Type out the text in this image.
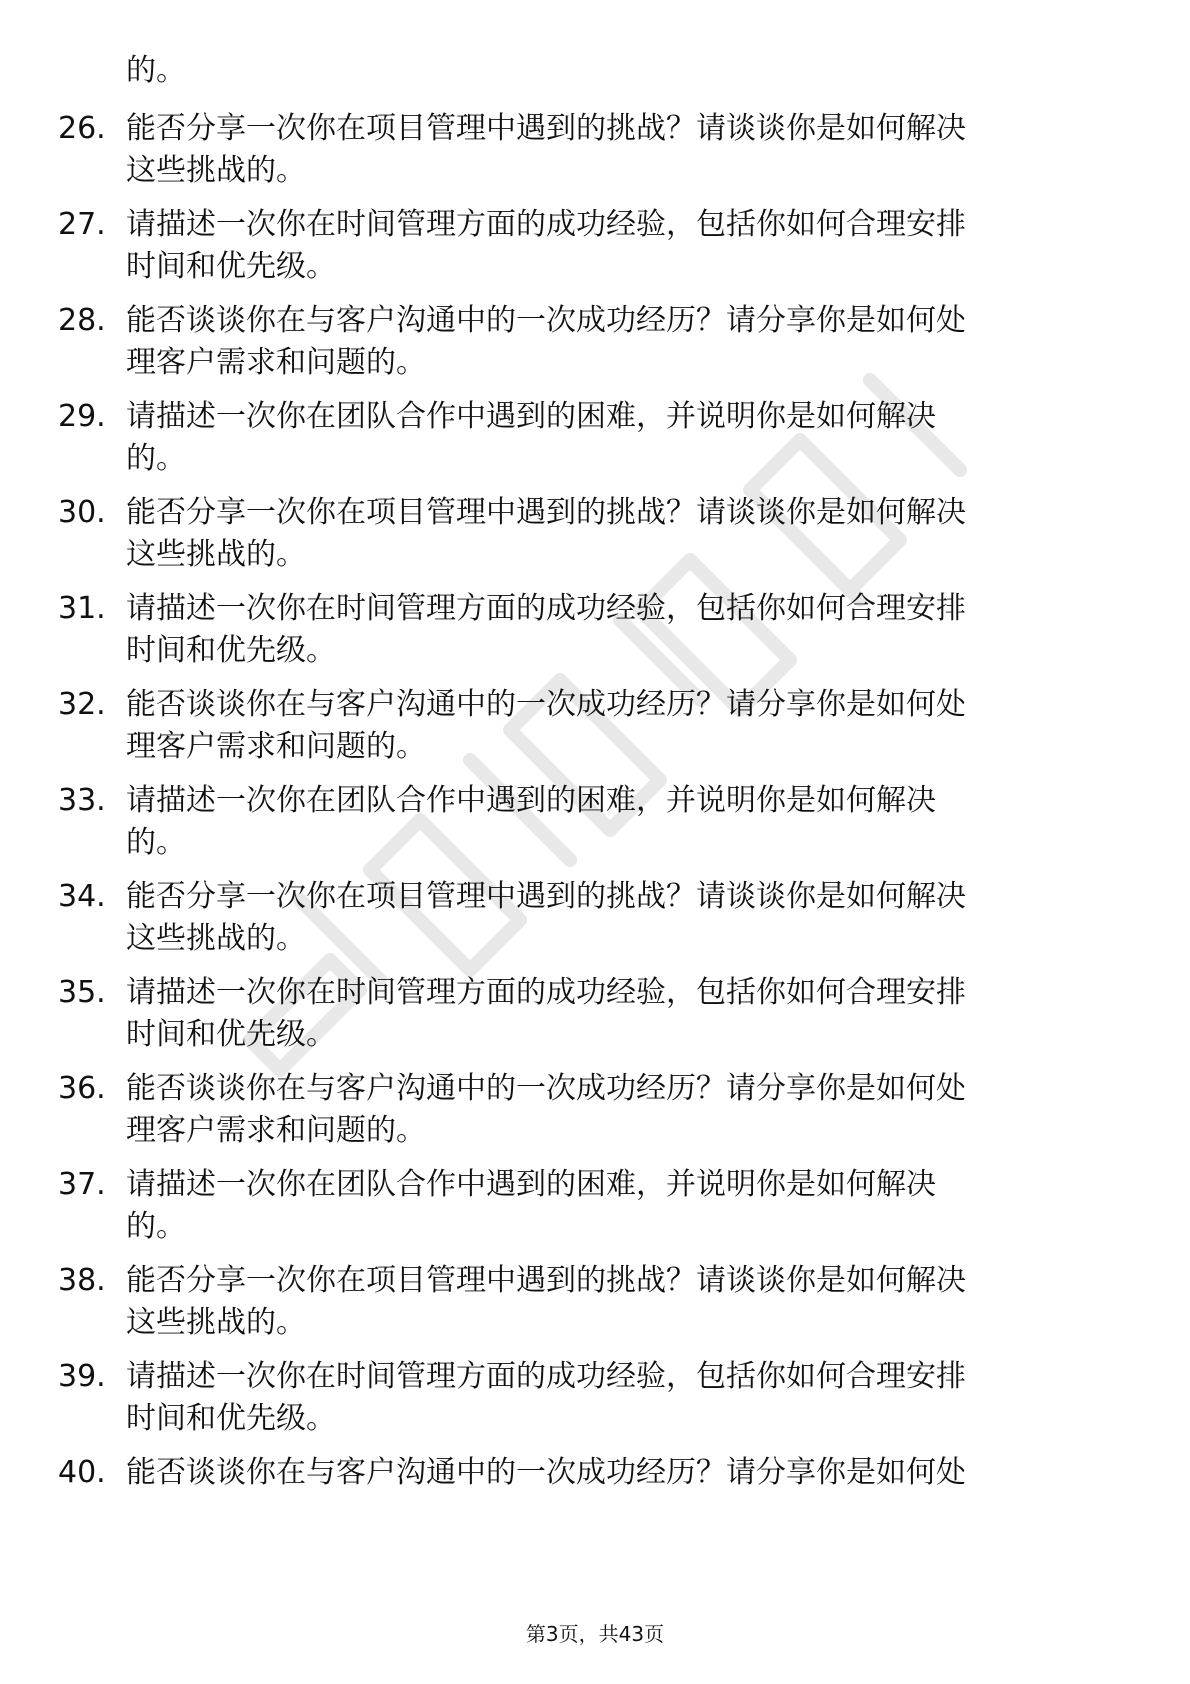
的。
26. 能否分享一次你在项目管理中遇到的挑战？请谈谈你是如何解决
这些挑战的。
27. 请描述一次你在时间管理方面的成功经验，包括你如何合理安排
时间和优先级。
28. 能否谈谈你在与客户沟通中的一次成功经历？请分享你是如何处
理客户需求和问题的。
29. 请描述一次你在团队合作中遇到的困难，并说明你是如何解决
的。
30. 能否分享一次你在项目管理中遇到的挑战？请谈谈你是如何解决
这些挑战的。
31. 请描述一次你在时间管理方面的成功经验，包括你如何合理安排
时间和优先级。
32. 能否谈谈你在与客户沟通中的一次成功经历？请分享你是如何处
理客户需求和问题的。
33. 请描述一次你在团队合作中遇到的困难，并说明你是如何解决
的。
34. 能否分享一次你在项目管理中遇到的挑战？请谈谈你是如何解决
这些挑战的。
35. 请描述一次你在时间管理方面的成功经验，包括你如何合理安排
时间和优先级。
36. 能否谈谈你在与客户沟通中的一次成功经历？请分享你是如何处
理客户需求和问题的。
37. 请描述一次你在团队合作中遇到的困难，并说明你是如何解决
的。
38. 能否分享一次你在项目管理中遇到的挑战？请谈谈你是如何解决
这些挑战的。
39. 请描述一次你在时间管理方面的成功经验，包括你如何合理安排
时间和优先级。
40. 能否谈谈你在与客户沟通中的一次成功经历？请分享你是如何处
第3页，共43页
